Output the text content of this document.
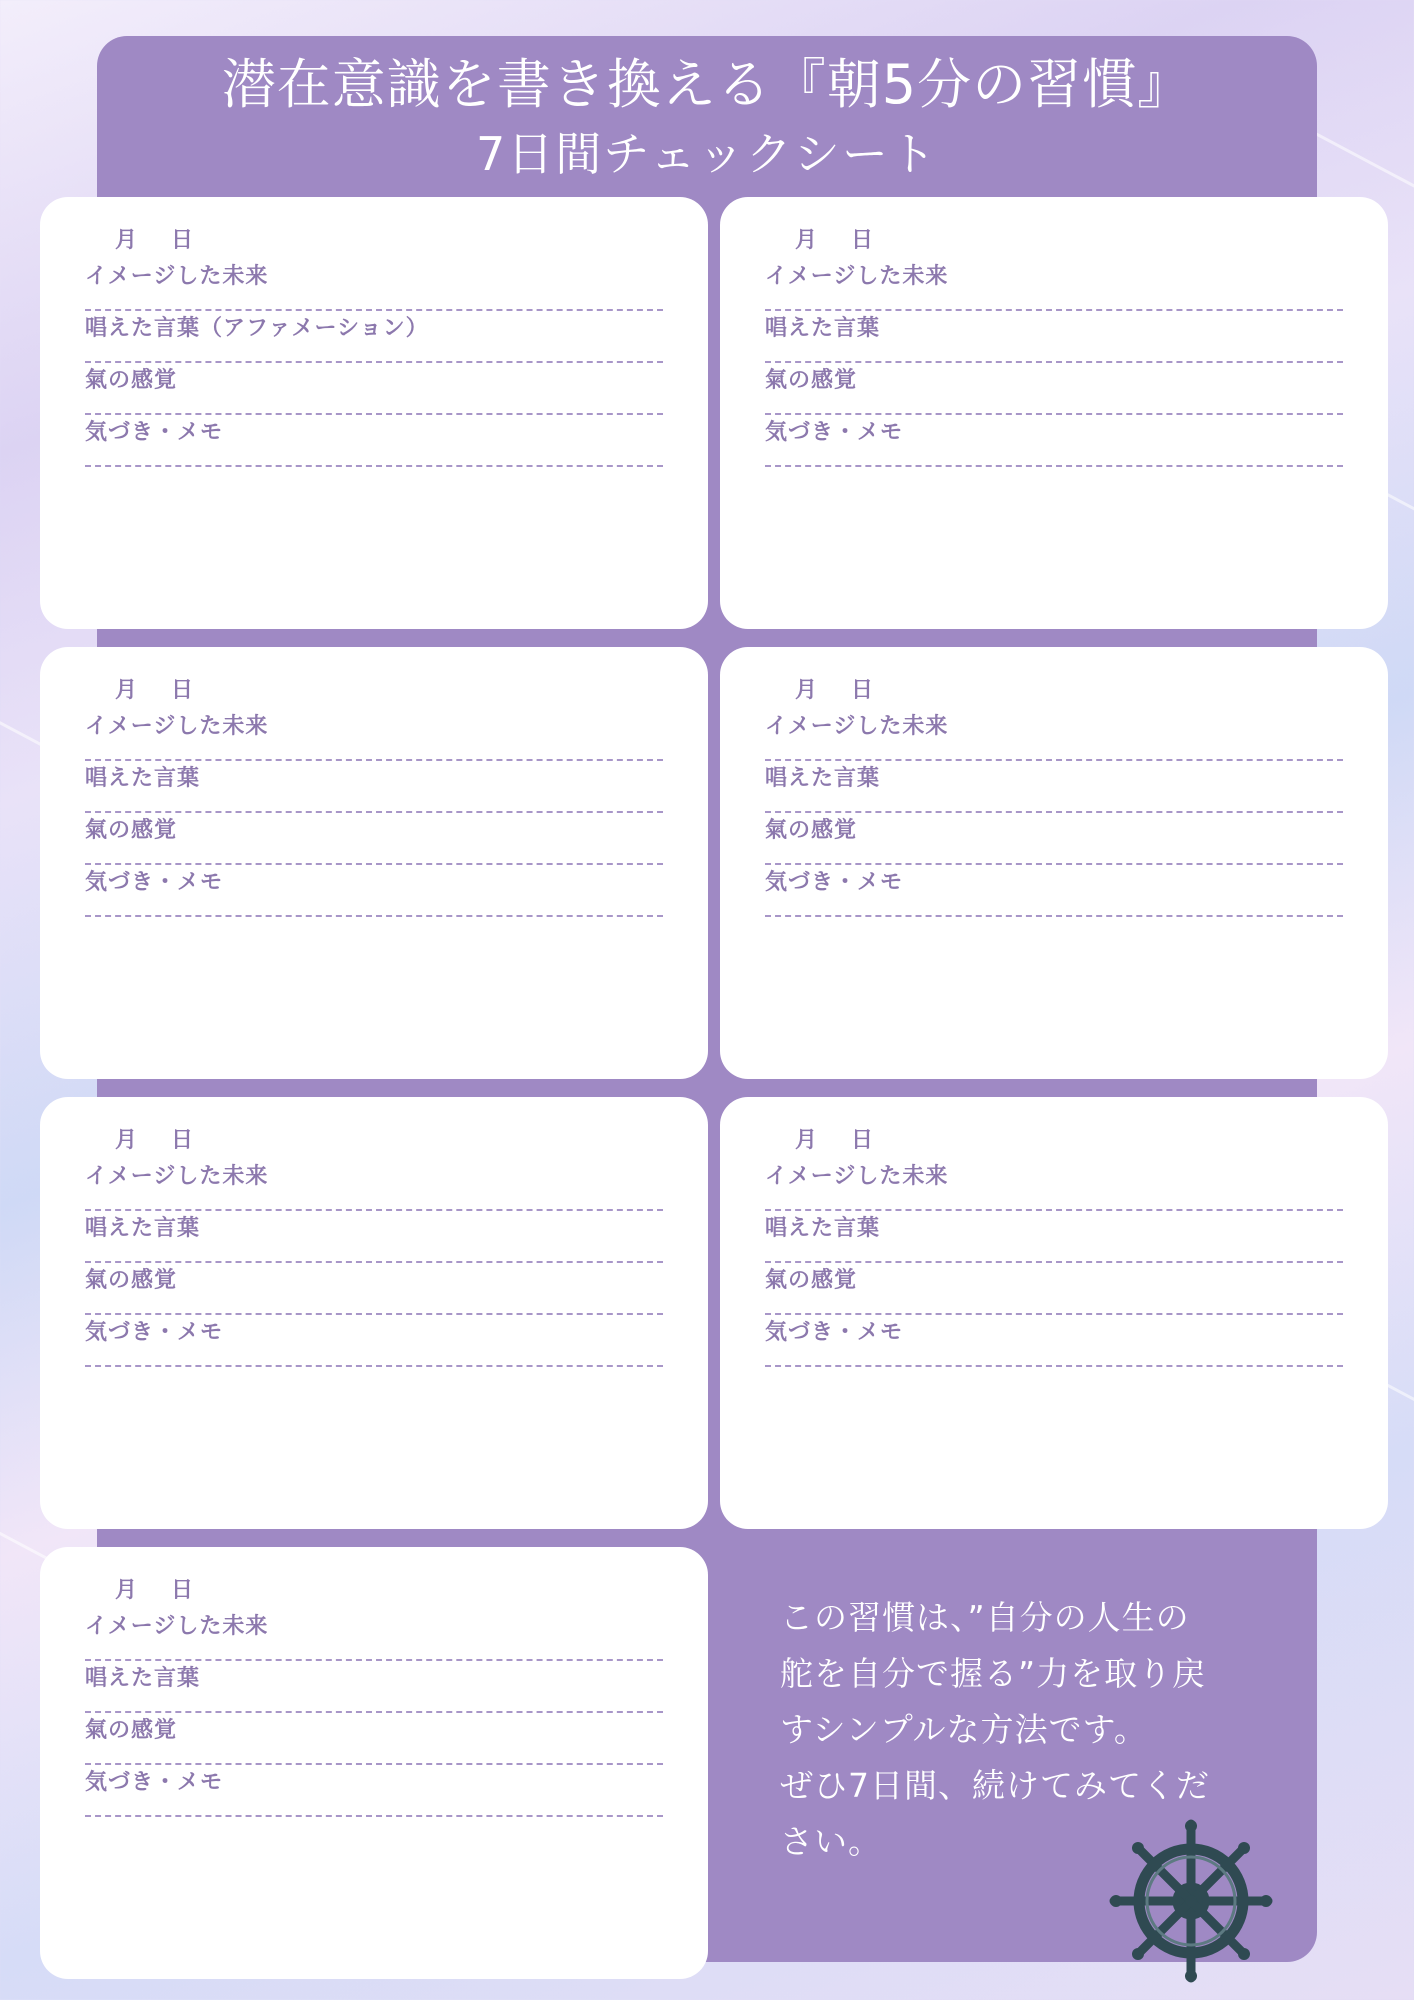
潜在意識を書き換える『朝5分の習慣』
7日間チェックシート
月　日
イメージした未来
唱えた言葉（アファメーション）
氣の感覚
気づき・メモ
月　日
イメージした未来
唱えた言葉
氣の感覚
気づき・メモ
月　日
イメージした未来
唱えた言葉
氣の感覚
気づき・メモ
月　日
イメージした未来
唱えた言葉
氣の感覚
気づき・メモ
月　日
イメージした未来
唱えた言葉
氣の感覚
気づき・メモ
月　日
イメージした未来
唱えた言葉
氣の感覚
気づき・メモ
月　日
イメージした未来
唱えた言葉
氣の感覚
気づき・メモ
この習慣は、”自分の人生の
舵を自分で握る”力を取り戻
すシンプルな方法です。
ぜひ7日間、続けてみてくだ
さい。
